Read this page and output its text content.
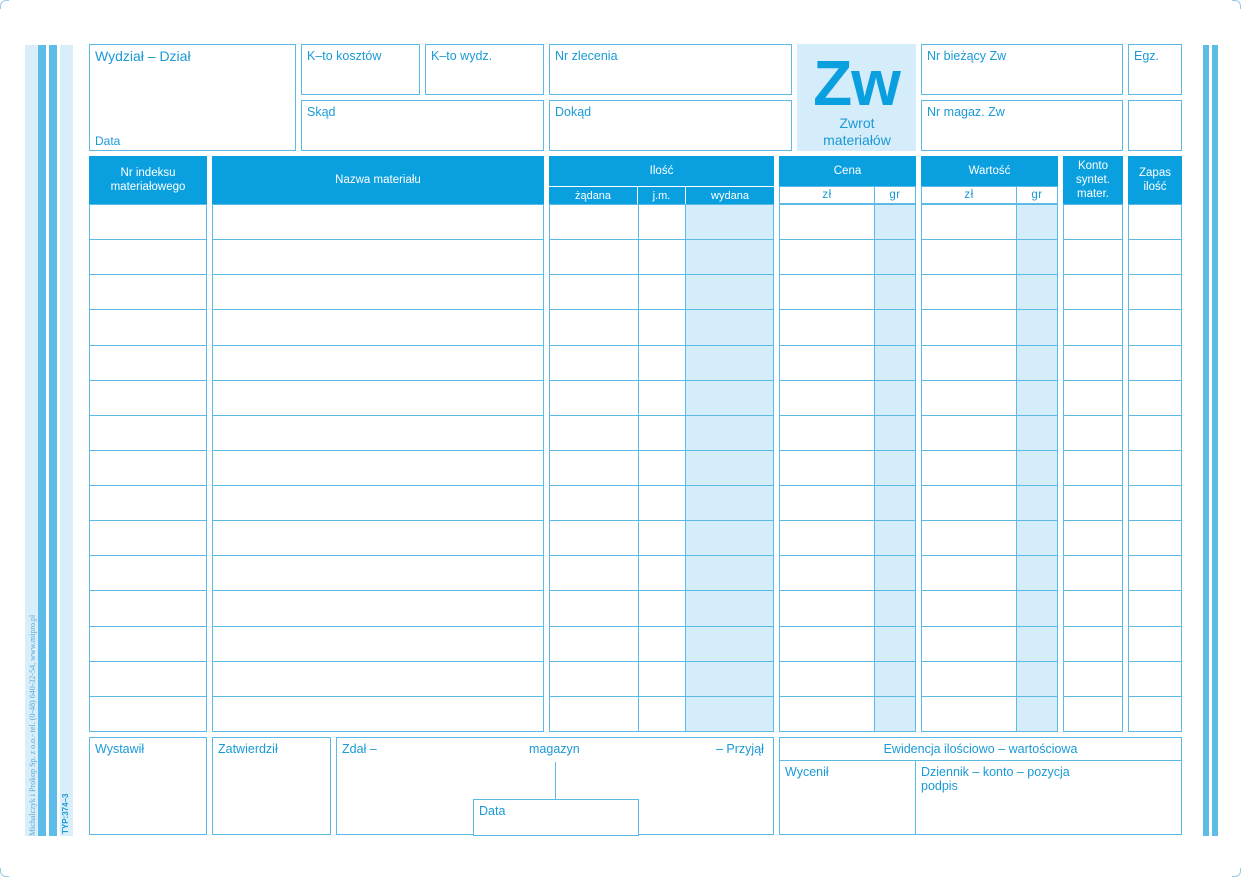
Michalczyk i Prokop Sp. z o.o.- tel. (0-48) 640-32-54, www.mipro.pl	TYP:374–3
Wydział – Dział
Data
K–to kosztów	K–to wydz.	Nr zlecenia
Skąd	Dokąd	Zw
Zwrot materiałów
Nr bieżący Zw	Egz.
Nr magaz. Zw
Nr indeksu materiałowego
Nazwa materiału
Ilość
żądana	j.m.	wydana
Cena
zł	gr
Wartość
zł	gr
Konto syntet. mater.
Zapas ilość
Wystawił	Zatwierdził	Zdał –	magazyn	– Przyjął
Data
Ewidencja ilościowo – wartościowa
Wycenił	Dziennik – konto – pozycja
podpis
